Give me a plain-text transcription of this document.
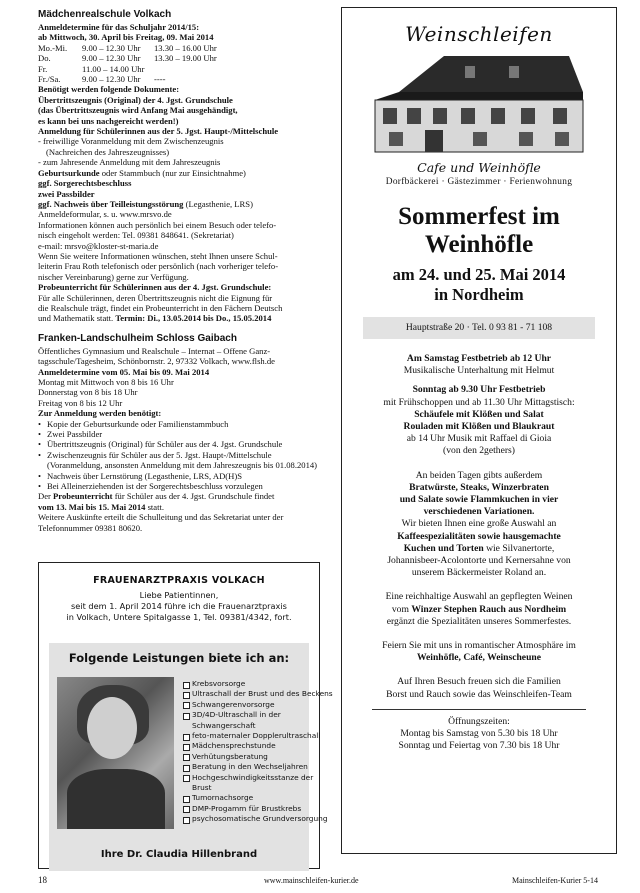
Mädchenrealschule Volkach

Anmeldetermine für das Schuljahr 2014/15:

ab Mittwoch, 30. April bis Freitag, 09. Mai 2014

Mo.-Mi.	9.00 – 12.30 Uhr	13.30 – 16.00 Uhr
Do.	9.00 – 12.30 Uhr	13.30 – 19.00 Uhr
Fr.	11.00 – 14.00 Uhr
Fr./Sa.	9.00 – 12.30 Uhr	----

Benötigt werden folgende Dokumente:

Übertrittszeugnis (Original) der 4. Jgst. Grundschule

(das Übertrittszeugnis wird Anfang Mai ausgehändigt,

es kann bei uns nachgereicht werden!)

Anmeldung für Schülerinnen aus der 5. Jgst. Haupt-/Mittelschule

- freiwillige Voranmeldung mit dem Zwischenzeugnis

(Nachreichen des Jahreszeugnisses)

- zum Jahresende Anmeldung mit dem Jahreszeugnis

Geburtsurkunde oder Stammbuch (nur zur Einsichtnahme)

ggf. Sorgerechtsbeschluss

zwei Passbilder

ggf. Nachweis über Teilleistungsstörung (Legasthenie, LRS)

Anmeldeformular, s. u. www.mrsvo.de

Informationen können auch persönlich bei einem Besuch oder telefo-

nisch eingeholt werden: Tel. 09381 848641. (Sekretariat)

e-mail: mrsvo@kloster-st-maria.de

Wenn Sie weitere Informationen wünschen, steht Ihnen unsere Schul-

leiterin Frau Roth telefonisch oder persönlich (nach vorheriger telefo-

nischer Vereinbarung) gerne zur Verfügung.

Probeunterricht für Schülerinnen aus der 4. Jgst. Grundschule:

Für alle Schülerinnen, deren Übertrittszeugnis nicht die Eignung für

die Realschule trägt, findet ein Probeunterricht in den Fächern Deutsch

und Mathematik statt. Termin: Di., 13.05.2014 bis Do., 15.05.2014

Franken-Landschulheim Schloss Gaibach

Öffentliches Gymnasium und Realschule – Internat – Offene Ganz-

tagsschule/Tagesheim, Schönbornstr. 2, 97332 Volkach, www.flsh.de

Anmeldetermine vom 05. Mai bis 09. Mai 2014

Montag mit Mittwoch von 8 bis 16 Uhr

Donnerstag von 8 bis 18 Uhr

Freitag von 8 bis 12 Uhr

Zur Anmeldung werden benötigt:

• Kopie der Geburtsurkunde oder Familienstammbuch

• Zwei Passbilder

• Übertrittszeugnis (Original) für Schüler aus der 4. Jgst. Grundschule

• Zwischenzeugnis für Schüler aus der 5. Jgst. Haupt-/Mittelschule (Voranmeldung, ansonsten Anmeldung mit dem Jahreszeugnis bis 01.08.2014)

• Nachweis über Lernstörung (Legasthenie, LRS, AD(H)S

• Bei Alleinerziehenden ist der Sorgerechtsbeschluss vorzulegen

Der Probeunterricht für Schüler aus der 4. Jgst. Grundschule findet

vom 13. Mai bis 15. Mai 2014 statt.

Weitere Auskünfte erteilt die Schulleitung und das Sekretariat unter der

Telefonnummer 09381 80620.

FRAUENARZTPRAXIS VOLKACH
Liebe Patientinnen,
seit dem 1. April 2014 führe ich die Frauenarztpraxis
in Volkach, Untere Spitalgasse 1, Tel. 09381/4342, fort.
Folgende Leistungen biete ich an:
Krebsvorsorge
Ultraschall der Brust und des Beckens
Schwangerenvorsorge
3D/4D-Ultraschall in der Schwangerschaft
feto-maternaler Dopplerultraschall
Mädchensprechstunde
Verhütungsberatung
Beratung in den Wechseljahren
Hochgeschwindigkeitsstanze der Brust
Tumornachsorge
DMP-Progamm für Brustkrebs
psychosomatische Grundversorgung
Ihre Dr. Claudia Hillenbrand
Weinschleifen
Cafe und Weinhöfle
Dorfbäckerei · Gästezimmer · Ferienwohnung
Sommerfest im
Weinhöfle
am 24. und 25. Mai 2014
in Nordheim
Hauptstraße 20 · Tel. 0 93 81 - 71 108
Am Samstag Festbetrieb ab 12 Uhr
Musikalische Unterhaltung mit Helmut
Sonntag ab 9.30 Uhr Festbetrieb
mit Frühschoppen und ab 11.30 Uhr Mittagstisch:
Schäufele mit Klößen und Salat
Rouladen mit Klößen und Blaukraut
ab 14 Uhr Musik mit Raffael di Gioia
(von den 2gethers)
An beiden Tagen gibts außerdem
Bratwürste, Steaks, Winzerbraten
und Salate sowie Flammkuchen in vier
verschiedenen Variationen.
Wir bieten Ihnen eine große Auswahl an
Kaffeespezialitäten sowie hausgemachte
Kuchen und Torten wie Silvanertorte,
Johannisbeer-Acolontorte und Kernersahne von
unserem Bäckermeister Roland an.
Eine reichhaltige Auswahl an gepflegten Weinen
vom Winzer Stephen Rauch aus Nordheim
ergänzt die Spezialitäten unseres Sommerfestes.
Feiern Sie mit uns in romantischer Atmosphäre im
Weinhöfle, Café, Weinscheune
Auf Ihren Besuch freuen sich die Familien
Borst und Rauch sowie das Weinschleifen-Team
Öffnungszeiten:
Montag bis Samstag von 5.30 bis 18 Uhr
Sonntag und Feiertag von 7.30 bis 18 Uhr
18	www.mainschleifen-kurier.de	Mainschleifen-Kurier 5-14
